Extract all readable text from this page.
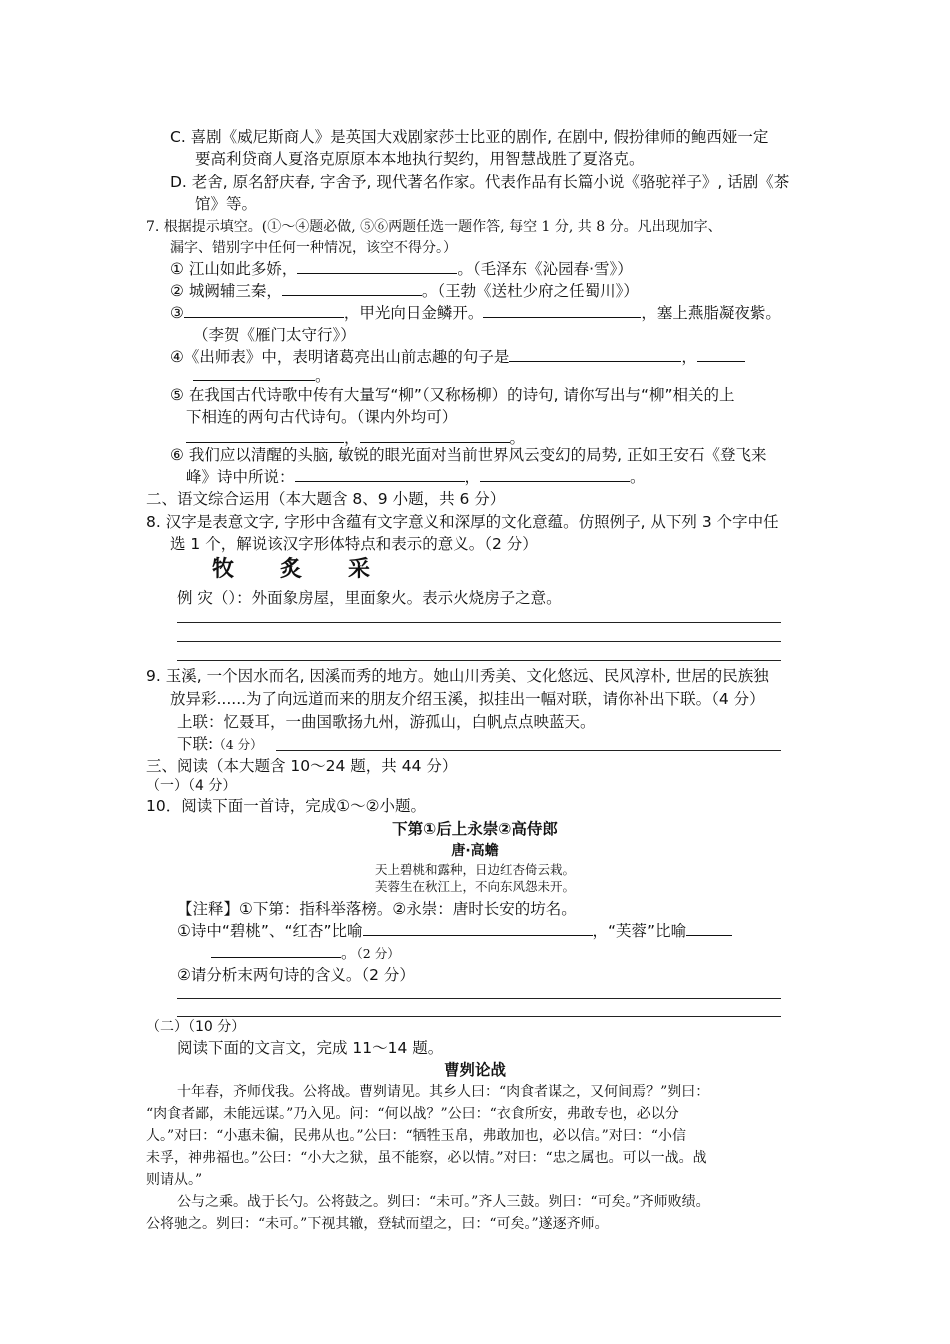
C. 喜剧《威尼斯商人》是英国大戏剧家莎士比亚的剧作, 在剧中, 假扮律师的鲍西娅一定
要高利贷商人夏洛克原原本本地执行契约，用智慧战胜了夏洛克。
D. 老舍, 原名舒庆春, 字舍予, 现代著名作家。代表作品有长篇小说《骆驼祥子》, 话剧《茶
馆》等。
7. 根据提示填空。(①～④题必做, ⑤⑥两题任选一题作答, 每空 1 分, 共 8 分。凡出现加字、
漏字、错别字中任何一种情况，该空不得分。）
① 江山如此多娇，	。（毛泽东《沁园春·雪》）
② 城阙辅三秦，	。（王勃《送杜少府之任蜀川》）
③	，甲光向日金鳞开。	，塞上燕脂凝夜紫。
（李贺《雁门太守行》）
④《出师表》中，表明诸葛亮出山前志趣的句子是	，
。
⑤ 在我国古代诗歌中传有大量写“柳”（又称杨柳）的诗句, 请你写出与“柳”相关的上
下相连的两句古代诗句。（课内外均可）
，	。
⑥ 我们应以清醒的头脑, 敏锐的眼光面对当前世界风云变幻的局势, 正如王安石《登飞来
峰》诗中所说：	，	。
二、语文综合运用（本大题含 8、9 小题，共 6 分）
8. 汉字是表意文字, 字形中含蕴有文字意义和深厚的文化意蕴。仿照例子, 从下列 3 个字中任
选 1 个，解说该汉字形体特点和表示的意义。（2 分）
牧 炙 采
例 灾（）：外面象房屋，里面象火。表示火烧房子之意。
9. 玉溪, 一个因水而名, 因溪而秀的地方。她山川秀美、文化悠远、民风淳朴, 世居的民族独
放异彩......为了向远道而来的朋友介绍玉溪，拟挂出一幅对联，请你补出下联。（4 分）
上联：忆聂耳，一曲国歌扬九州，游孤山，白帆点点映蓝天。
下联:（4 分）
三、阅读（本大题含 10～24 题，共 44 分）
（一）（4 分）
10．阅读下面一首诗，完成①～②小题。
下第①后上永崇②高侍郎
唐·高蟾
天上碧桃和露种，日边红杏倚云栽。
芙蓉生在秋江上，不向东风怨未开。
【注释】①下第：指科举落榜。②永崇：唐时长安的坊名。
①诗中“碧桃”、“红杏”比喻	，“芙蓉”比喻
。（2 分）
②请分析末两句诗的含义。（2 分）
（二）（10 分）
阅读下面的文言文，完成 11～14 题。
曹刿论战
十年春，齐师伐我。公将战。曹刿请见。其乡人曰：“肉食者谋之，又何间焉？”刿曰：
“肉食者鄙，未能远谋。”乃入见。问：“何以战？”公曰：“衣食所安，弗敢专也，必以分
人。”对曰：“小惠未徧，民弗从也。”公曰：“牺牲玉帛，弗敢加也，必以信。”对曰：“小信
未孚，神弗福也。”公曰：“小大之狱，虽不能察，必以情。”对曰：“忠之属也。可以一战。战
则请从。”
公与之乘。战于长勺。公将鼓之。刿曰：“未可。”齐人三鼓。刿曰：“可矣。”齐师败绩。
公将驰之。刿曰：“未可。”下视其辙，登轼而望之，曰：“可矣。”遂逐齐师。
